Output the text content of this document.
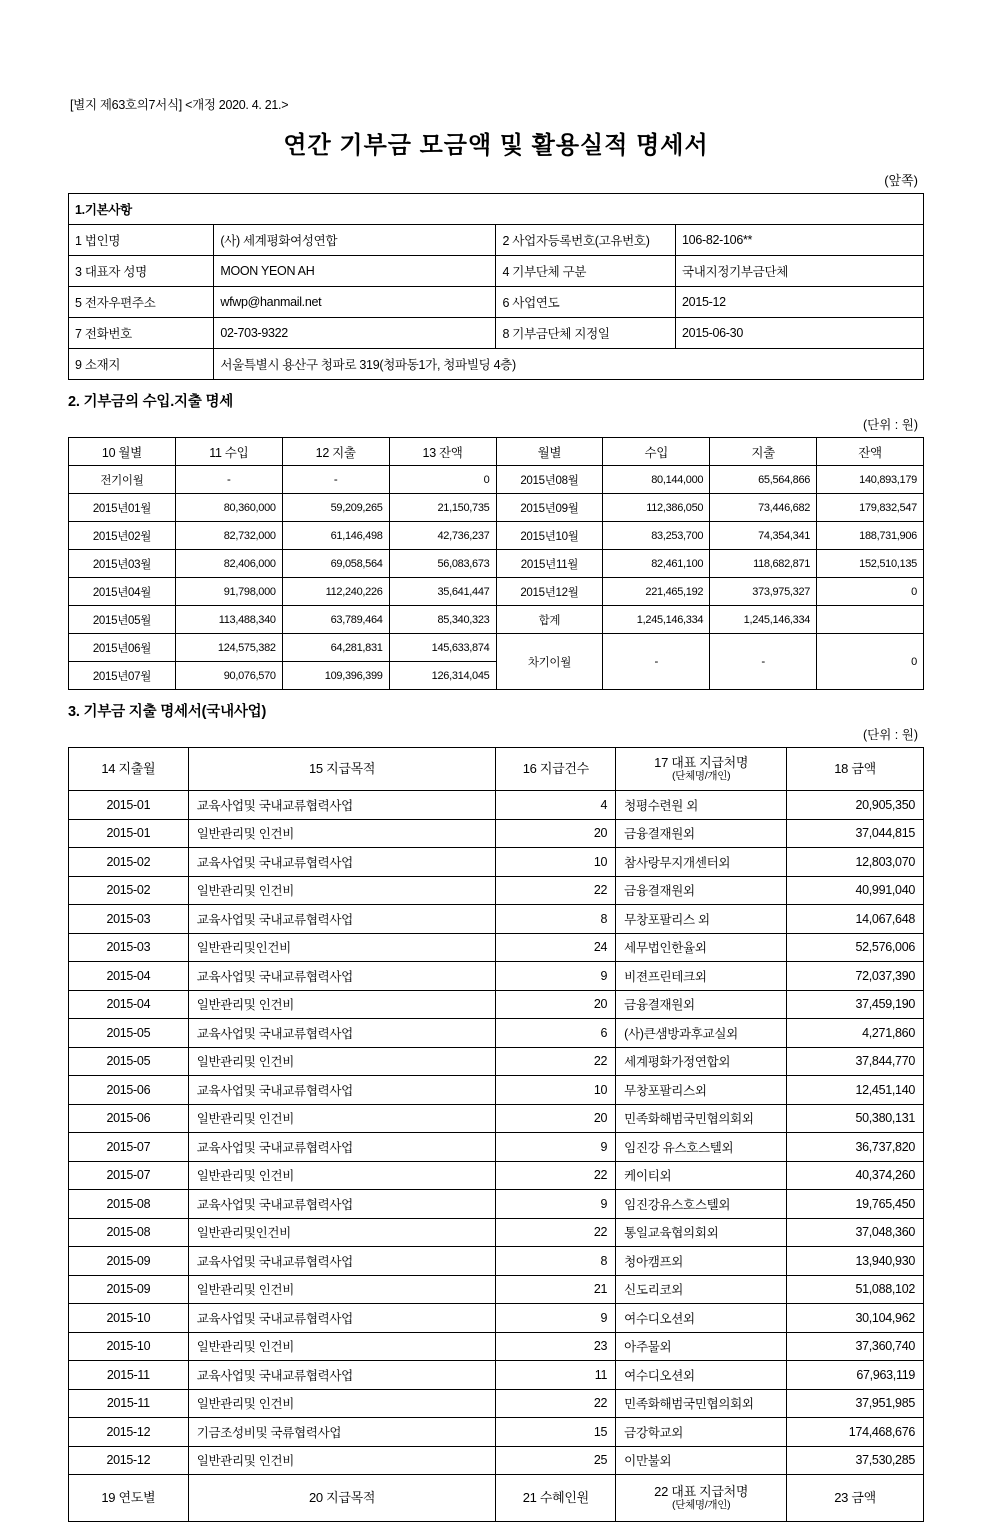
[별지 제63호의7서식] <개정 2020. 4. 21.>
연간 기부금 모금액 및 활용실적 명세서
(앞쪽)
1.기본사항			
1 법인명	(사) 세계평화여성연합	2 사업자등록번호(고유번호)	106-82-106**
3 대표자 성명	MOON YEON AH	4 기부단체 구분	국내지정기부금단체
5 전자우편주소	wfwp@hanmail.net	6 사업연도	2015-12
7 전화번호	02-703-9322	8 기부금단체 지정일	2015-06-30
9 소재지	서울특별시 용산구 청파로 319(청파동1가, 청파빌딩 4층)		
2. 기부금의 수입.지출 명세
(단위 : 원)
10 월별	11 수입	12 지출	13 잔액	월별	수입	지출	잔액
전기이월	-	-	0	2015년08월	80,144,000	65,564,866	140,893,179
2015년01월	80,360,000	59,209,265	21,150,735	2015년09월	112,386,050	73,446,682	179,832,547
2015년02월	82,732,000	61,146,498	42,736,237	2015년10월	83,253,700	74,354,341	188,731,906
2015년03월	82,406,000	69,058,564	56,083,673	2015년11월	82,461,100	118,682,871	152,510,135
2015년04월	91,798,000	112,240,226	35,641,447	2015년12월	221,465,192	373,975,327	0
2015년05월	113,488,340	63,789,464	85,340,323	합계	1,245,146,334	1,245,146,334	
2015년06월	124,575,382	64,281,831	145,633,874	차기이월	-	-	0
2015년07월	90,076,570	109,396,399	126,314,045				
3. 기부금 지출 명세서(국내사업)
(단위 : 원)
14 지출월	15 지급목적	16 지급건수	17 대표 지급처명
(단체명/개인)	18 금액
2015-01	교육사업및 국내교류협력사업	4	청평수련원 외	20,905,350
2015-01	일반관리및 인건비	20	금융결재원외	37,044,815
2015-02	교육사업및 국내교류협력사업	10	참사랑무지개센터외	12,803,070
2015-02	일반관리및 인건비	22	금융결재원외	40,991,040
2015-03	교육사업및 국내교류협력사업	8	무창포팔리스 외	14,067,648
2015-03	일반관리및인건비	24	세무법인한율외	52,576,006
2015-04	교육사업및 국내교류협력사업	9	비젼프린테크외	72,037,390
2015-04	일반관리및 인건비	20	금융결재원외	37,459,190
2015-05	교육사업및 국내교류협력사업	6	(사)큰샘방과후교실외	4,271,860
2015-05	일반관리및 인건비	22	세계평화가정연합외	37,844,770
2015-06	교육사업및 국내교류협력사업	10	무창포팔리스외	12,451,140
2015-06	일반관리및 인건비	20	민족화해범국민협의회외	50,380,131
2015-07	교육사업및 국내교류협력사업	9	임진강 유스호스텔외	36,737,820
2015-07	일반관리및 인건비	22	케이티외	40,374,260
2015-08	교육사업및 국내교류협력사업	9	임진강유스호스텔외	19,765,450
2015-08	일반관리및인건비	22	통일교육협의회외	37,048,360
2015-09	교육사업및 국내교류협력사업	8	청아캠프외	13,940,930
2015-09	일반관리및 인건비	21	신도리코외	51,088,102
2015-10	교육사업및 국내교류협력사업	9	여수디오션외	30,104,962
2015-10	일반관리및 인건비	23	아주물외	37,360,740
2015-11	교육사업및 국내교류협력사업	11	여수디오션외	67,963,119
2015-11	일반관리및 인건비	22	민족화해범국민협의회외	37,951,985
2015-12	기금조성비및 국류협력사업	15	금강학교외	174,468,676
2015-12	일반관리및 인건비	25	이만불외	37,530,285
19 연도별	20 지급목적	21 수혜인원	22 대표 지급처명
(단체명/개인)	23 금액
